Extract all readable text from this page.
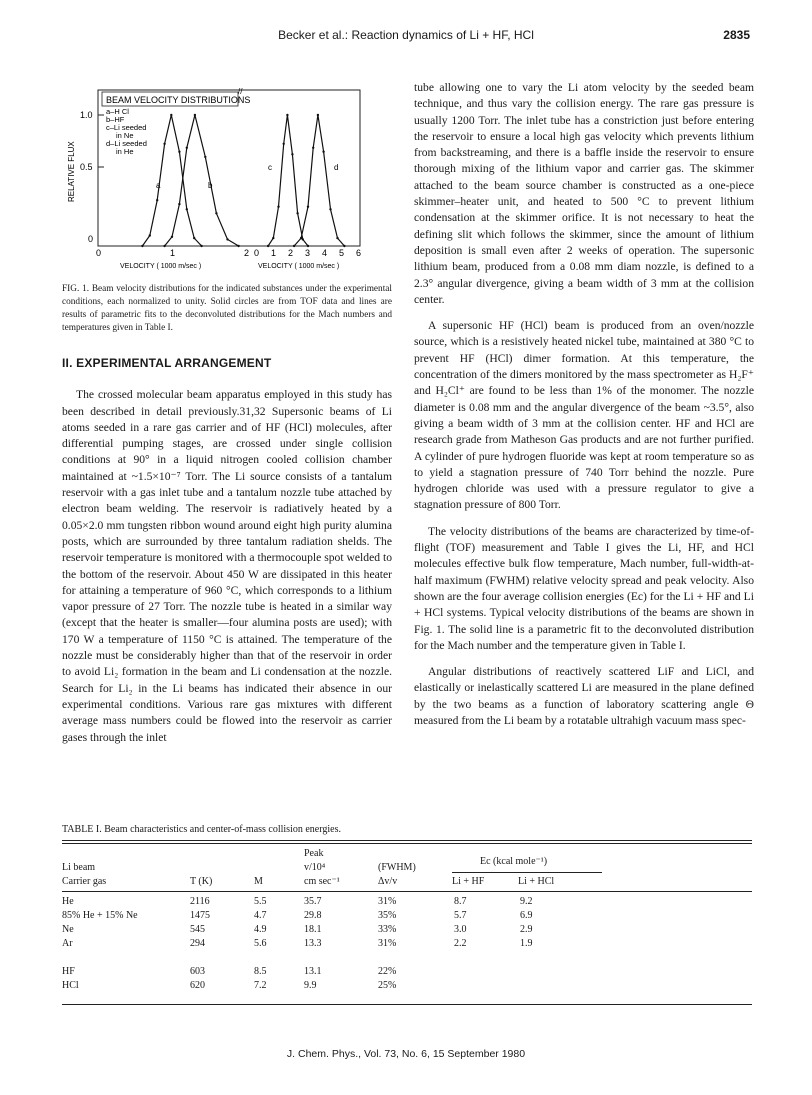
Becker et al.: Reaction dynamics of Li + HF, HCl	2835
BEAM VELOCITY DISTRIBUTIONS
a–H Cl
b–HF
c–Li seeded
in Ne
d–Li seeded
in He
RELATIVE FLUX
1.0
0.5
0
//
0	1	2 0 1 2 3 4 5 6
VELOCITY ( 1000 m/sec )	VELOCITY ( 1000 m/sec )
a	b
c	d

FIG. 1. Beam velocity distributions for the indicated substances under the experimental conditions, each normalized to unity. Solid circles are from TOF data and lines are results of parametric fits to the deconvoluted distributions for the Mach numbers and temperatures given in Table I.

II. EXPERIMENTAL ARRANGEMENT

The crossed molecular beam apparatus employed in this study has been described in detail previously.31,32 Supersonic beams of Li atoms seeded in a rare gas carrier and of HF (HCl) molecules, after differential pumping stages, are crossed under single collision conditions at 90° in a liquid nitrogen cooled collision chamber maintained at ~1.5×10⁻⁷ Torr. The Li source consists of a tantalum reservoir with a gas inlet tube and a tantalum nozzle tube attached by electron beam welding. The reservoir is radiatively heated by a 0.05×2.0 mm tungsten ribbon wound around eight high purity alumina posts, which are surrounded by three tantalum radiation shelds. The reservoir temperature is monitored with a thermocouple spot welded to the bottom of the reservoir. About 450 W are dissipated in this heater for attaining a temperature of 960 °C, which corresponds to a lithium vapor pressure of 27 Torr. The nozzle tube is heated in a similar way (except that the heater is smaller—four alumina posts are used); with 170 W a temperature of 1150 °C is attained. The temperature of the nozzle must be considerably higher than that of the reservoir in order to avoid Li₂ formation in the beam and Li condensation at the nozzle. Search for Li₂ in the Li beams has indicated their absence in our experimental conditions. Various rare gas mixtures with different average mass numbers could be flowed into the reservoir as carrier gases through the inlet

tube allowing one to vary the Li atom velocity by the seeded beam technique, and thus vary the collision energy. The rare gas pressure is usually 1200 Torr. The inlet tube has a constriction just before entering the reservoir to ensure a local high gas velocity which prevents lithium from backstreaming, and there is a baffle inside the reservoir to ensure thorough mixing of the lithium vapor and carrier gas. The skimmer attached to the beam source chamber is constructed as a one-piece skimmer–heater unit, and heated to 500 °C to prevent lithium condensation at the skimmer orifice. It is not necessary to heat the defining slit which follows the skimmer, since the amount of lithium deposition is small even after 2 weeks of operation. The supersonic lithium beam, produced from a 0.08 mm diam nozzle, is defined to a 2.3° angular divergence, giving a beam width of 3 mm at the collision center.

A supersonic HF (HCl) beam is produced from an oven/nozzle source, which is a resistively heated nickel tube, maintained at 380 °C to prevent HF (HCl) dimer formation. At this temperature, the concentration of the dimers monitored by the mass spectrometer as H₂F⁺ and H₂Cl⁺ are found to be less than 1% of the monomer. The nozzle diameter is 0.08 mm and the angular divergence of the beam ~3.5°, also giving a beam width of 3 mm at the collision center. HF and HCl are research grade from Matheson Gas products and are not further purified. A cylinder of pure hydrogen fluoride was kept at room temperature so as to yield a stagnation pressure of 740 Torr behind the nozzle. Pure hydrogen chloride was used with a pressure regulator to give a stagnation pressure of 800 Torr.

The velocity distributions of the beams are characterized by time-of-flight (TOF) measurement and Table I gives the Li, HF, and HCl molecules effective bulk flow temperature, Mach number, full-width-at-half maximum (FWHM) relative velocity spread and peak velocity. Also shown are the four average collision energies (Ec) for the Li + HF and Li + HCl systems. Typical velocity distributions of the beams are shown in Fig. 1. The solid line is a parametric fit to the deconvoluted distribution for the Mach number and the temperature given in Table I.

Angular distributions of reactively scattered LiF and LiCl, and elastically or inelastically scattered Li are measured in the plane defined by the two beams as a function of laboratory scattering angle Θ measured from the Li beam by a rotatable ultrahigh vacuum mass spec-

TABLE I. Beam characteristics and center-of-mass collision energies.
Li beam
Carrier gas	T (K)	M
Peak
v/10⁴
cm sec⁻¹
(FWHM)
Δv/v
Ec (kcal mole⁻¹)
Li + HF	Li + HCl
He	2116	5.5	35.7	31%	8.7	9.2
85% He + 15% Ne	1475	4.7	29.8	35%	5.7	6.9
Ne	545	4.9	18.1	33%	3.0	2.9
Ar	294	5.6	13.3	31%	2.2	1.9
HF	603	8.5	13.1	22%
HCl	620	7.2	9.9	25%
J. Chem. Phys., Vol. 73, No. 6, 15 September 1980
